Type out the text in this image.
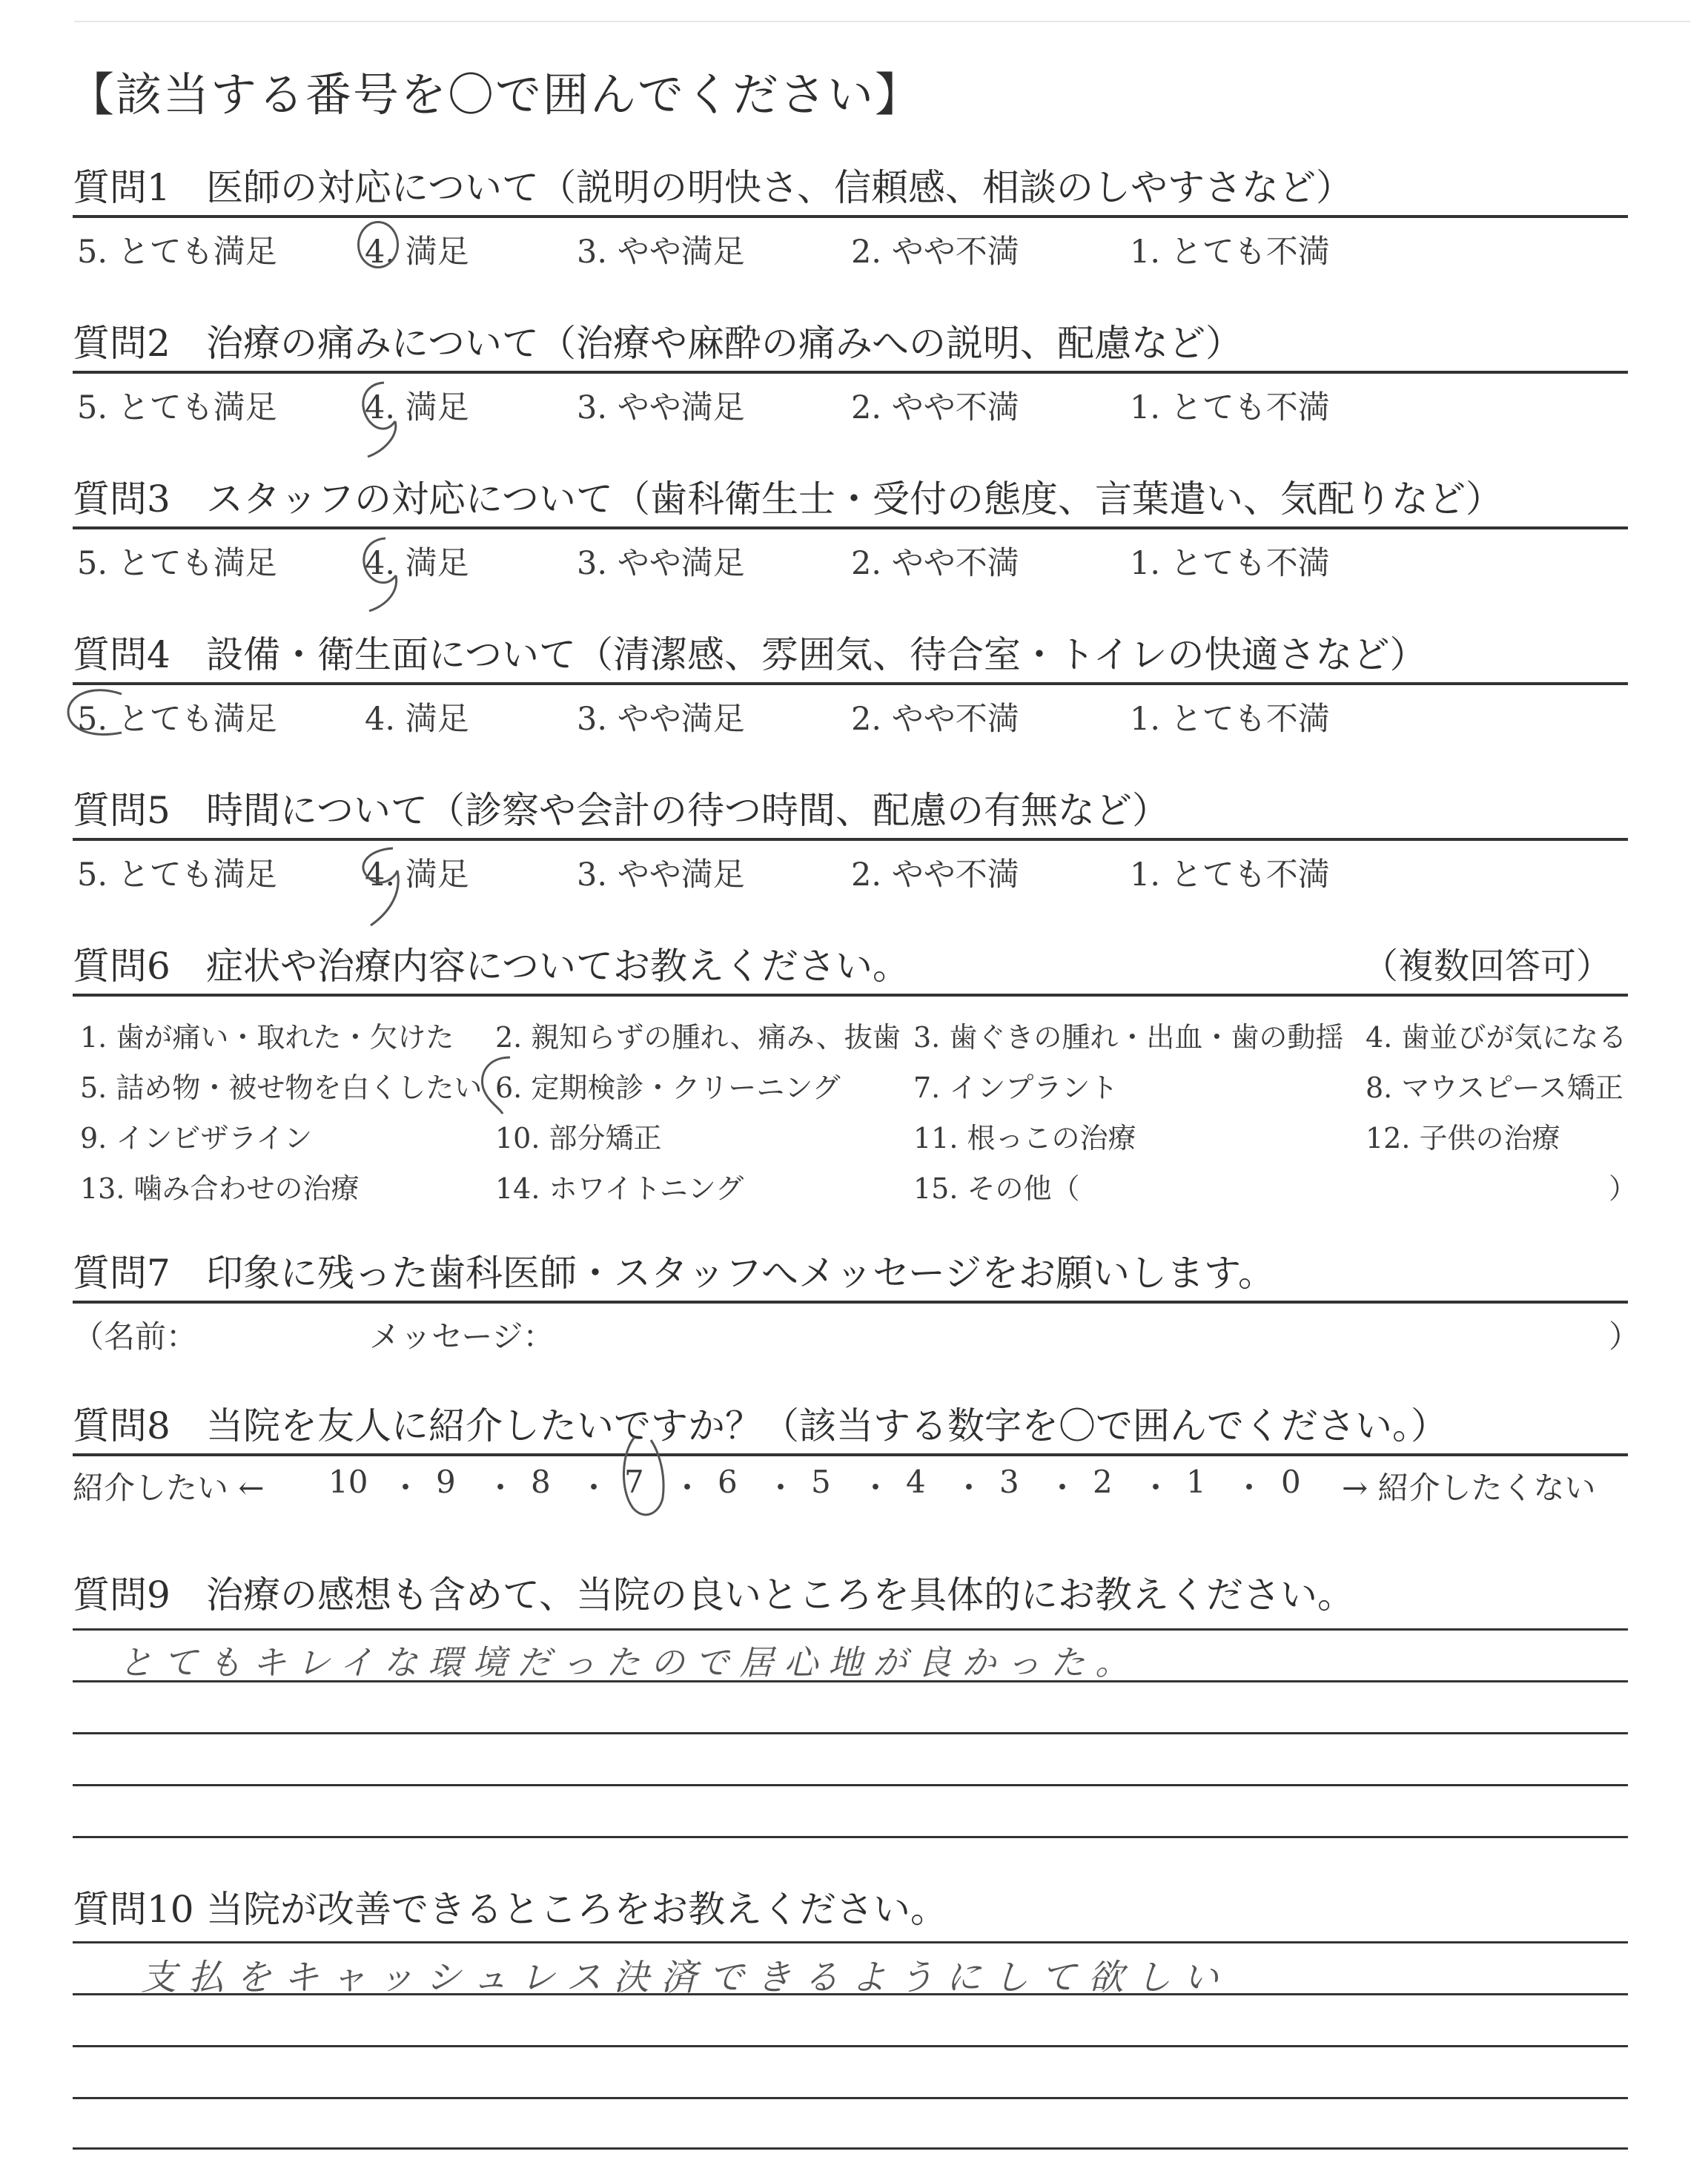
【該当する番号を〇で囲んでください】
質問1 医師の対応について（説明の明快さ、信頼感、相談のしやすさなど）
5. とても満足	4. 満足	3. やや満足	2. やや不満	1. とても不満
質問2 治療の痛みについて（治療や麻酔の痛みへの説明、配慮など）
5. とても満足	4. 満足	3. やや満足	2. やや不満	1. とても不満
質問3 スタッフの対応について（歯科衛生士・受付の態度、言葉遣い、気配りなど）
5. とても満足	4. 満足	3. やや満足	2. やや不満	1. とても不満
質問4 設備・衛生面について（清潔感、雰囲気、待合室・トイレの快適さなど）
5. とても満足	4. 満足	3. やや満足	2. やや不満	1. とても不満
質問5 時間について（診察や会計の待つ時間、配慮の有無など）
5. とても満足	4. 満足	3. やや満足	2. やや不満	1. とても不満
質問6 症状や治療内容についてお教えください。	（複数回答可）
1. 歯が痛い・取れた・欠けた 2. 親知らずの腫れ、痛み、抜歯 3. 歯ぐきの腫れ・出血・歯の動揺 4. 歯並びが気になる
5. 詰め物・被せ物を白くしたい 6. 定期検診・クリーニング	7. インプラント	8. マウスピース矯正
9. インビザライン	10. 部分矯正	11. 根っこの治療	12. 子供の治療
13. 噛み合わせの治療	14. ホワイトニング	15. その他（	）
質問7 印象に残った歯科医師・スタッフへメッセージをお願いします。
（名前：	メッセージ：	）
質問8 当院を友人に紹介したいですか？（該当する数字を〇で囲んでください。）
紹介したい ← 10 ・ 9 ・ 8 ・ 7 ・ 6 ・ 5 ・ 4 ・ 3 ・ 2 ・ 1 ・ 0 → 紹介したくない
質問9 治療の感想も含めて、当院の良いところを具体的にお教えください。
とてもキレイな環境だったので居心地が良かった。
質問10 当院が改善できるところをお教えください。
支払をキャッシュレス決済できるようにして欲しい
